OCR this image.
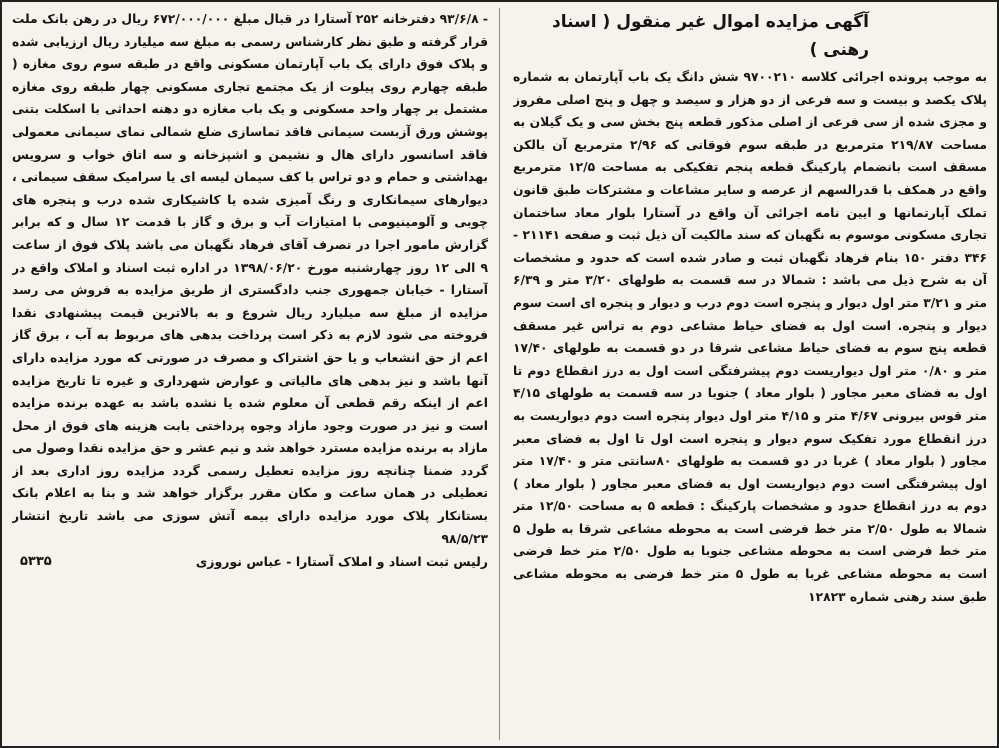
آگهی مزایده اموال غیر منقول ( اسناد رهنی )

به موجب پرونده اجرائی کلاسه ۹۷۰۰۲۱۰ شش دانگ یک باب آپارتمان به شماره پلاک یکصد و بیست و سه فرعی از دو هزار و سیصد و چهل و پنج اصلی مفروز و مجزی شده از سی فرعی از اصلی مذکور قطعه پنج بخش سی و یک گیلان به مساحت ۲۱۹/۸۷ مترمربع در طبقه سوم فوقانی که ۲/۹۶ مترمربع آن بالکن مسقف است بانضمام پارکینگ قطعه پنجم تفکیکی به مساحت ۱۲/۵ مترمربع واقع در همکف با قدرالسهم از عرصه و سایر مشاعات و مشترکات طبق قانون تملک آپارتمانها و ایین نامه اجرائی آن واقع در آستارا بلوار معاد ساختمان تجاری مسکونی موسوم به نگهبان که سند مالکیت آن ذیل ثبت و صفحه ۲۱۱۴۱ - ۳۴۶ دفتر ۱۵۰ بنام فرهاد نگهبان ثبت و صادر شده است که حدود و مشخصات آن به شرح ذیل می باشد : شمالا در سه قسمت به طولهای ۳/۲۰ متر و ۶/۳۹ متر و ۳/۲۱ متر اول دیوار و پنجره است دوم درب و دیوار و پنجره ای است سوم دیوار و پنجره. است اول به فضای حیاط مشاعی دوم به تراس غیر مسقف قطعه پنج سوم به فضای حیاط مشاعی شرقا در دو قسمت به طولهای ۱۷/۴۰ متر و ۰/۸۰ متر اول دیواریست دوم پیشرفتگی است اول به درز انقطاع دوم تا اول به فضای معبر مجاور ( بلوار معاد ) جنوبا در سه قسمت به طولهای ۴/۱۵ متر قوس بیرونی ۴/۶۷ متر و ۴/۱۵ متر اول دیوار پنجره است دوم دیواریست به درز انقطاع مورد تفکیک سوم دیوار و پنجره است اول تا اول به فضای معبر مجاور ( بلوار معاد ) غربا در دو قسمت به طولهای ۸۰سانتی متر و ۱۷/۴۰ متر اول پیشرفتگی است دوم دیواریست اول به فضای معبر مجاور ( بلوار معاد ) دوم به درز انقطاع حدود و مشخصات پارکینگ : قطعه ۵ به مساحت ۱۲/۵۰ متر شمالا به طول ۲/۵۰ متر خط فرضی است به محوطه مشاعی شرقا به طول ۵ متر خط فرضی است به محوطه مشاعی جنوبا به طول ۲/۵۰ متر خط فرضی است به محوطه مشاعی غربا به طول ۵ متر خط فرضی به محوطه مشاعی طبق سند رهنی شماره ۱۲۸۲۳

- ۹۳/۶/۸ دفترخانه ۲۵۲ آستارا در قبال مبلغ ۶۷۲/۰۰۰/۰۰۰ ریال در رهن بانک ملت قرار گرفته و طبق نظر کارشناس رسمی به مبلغ سه میلیارد ریال ارزیابی شده و پلاک فوق دارای یک باب آپارتمان مسکونی واقع در طبقه سوم روی مغازه ( طبقه چهارم روی پیلوت از یک مجتمع تجاری مسکونی چهار طبقه روی مغازه مشتمل بر چهار واحد مسکونی و یک باب مغازه دو دهنه احداثی با اسکلت بتنی پوشش ورق آزبست سیمانی فاقد تماسازی ضلع شمالی نمای سیمانی معمولی فاقد اسانسور دارای هال و نشیمن و اشپزخانه و سه اتاق خواب و سرویس بهداشتی و حمام و دو تراس با کف سیمان لیسه ای یا سرامیک سقف سیمانی ، دیوارهای سیمانکاری و رنگ آمیزی شده یا کاشیکاری شده درب و پنجره های چوبی و آلومینیومی با امتیازات آب و برق و گاز با قدمت ۱۲ سال و که برابر گزارش مامور اجرا در تصرف آقای فرهاد نگهبان می باشد پلاک فوق از ساعت ۹ الی ۱۲ روز چهارشنبه مورخ ۱۳۹۸/۰۶/۲۰ در اداره ثبت اسناد و املاک واقع در آستارا - خیابان جمهوری جنب دادگستری از طریق مزایده به فروش می رسد مزایده از مبلغ سه میلیارد ریال شروع و به بالاترین قیمت پیشنهادی نقدا فروخته می شود لازم به ذکر است پرداخت بدهی های مربوط به آب ، برق گاز اعم از حق انشعاب و یا حق اشتراک و مصرف در صورتی که مورد مزایده دارای آنها باشد و نیز بدهی های مالیاتی و عوارض شهرداری و غیره تا تاریخ مزایده اعم از اینکه رقم قطعی آن معلوم شده یا نشده باشد به عهده برنده مزایده است و نیز در صورت وجود مازاد وجوه پرداختی بابت هزینه های فوق از محل مازاد به برنده مزایده مسترد خواهد شد و نیم عشر و حق مزایده نقدا وصول می گردد ضمنا چنانچه روز مزایده تعطیل رسمی گردد مزایده روز اداری بعد از تعطیلی در همان ساعت و مکان مقرر برگزار خواهد شد و بنا به اعلام بانک بستانکار پلاک مورد مزایده دارای بیمه آتش سوزی می باشد تاریخ انتشار ۹۸/۵/۲۳

رلیس ثبت اسناد و املاک آستارا - عباس نوروزی
۵۳۳۵
